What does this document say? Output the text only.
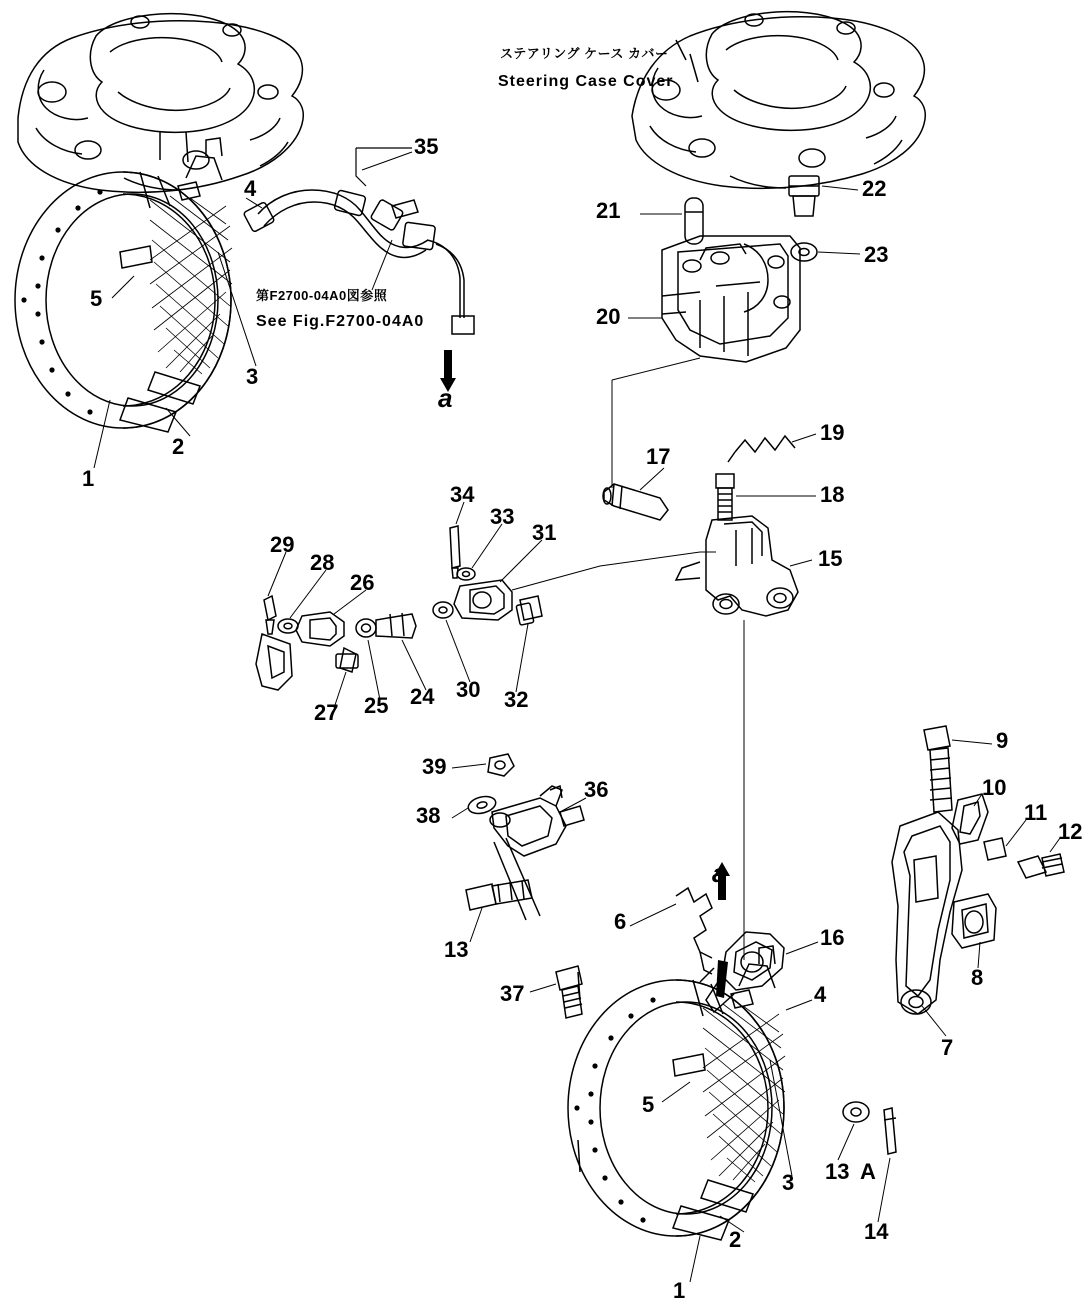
ステアリング ケース カバー
Steering Case Cover
第F2700-04A0図参照
See Fig.F2700-04A0
1
2
3
4
5
35
21
22
23
20
19
18
17
15
34
33
31
29
28
26
27 25 24 30 32
9
10
11
12
8
7
39
38
36
13
37
6
16
4
5
3 13 A
14
2
1
a
a
